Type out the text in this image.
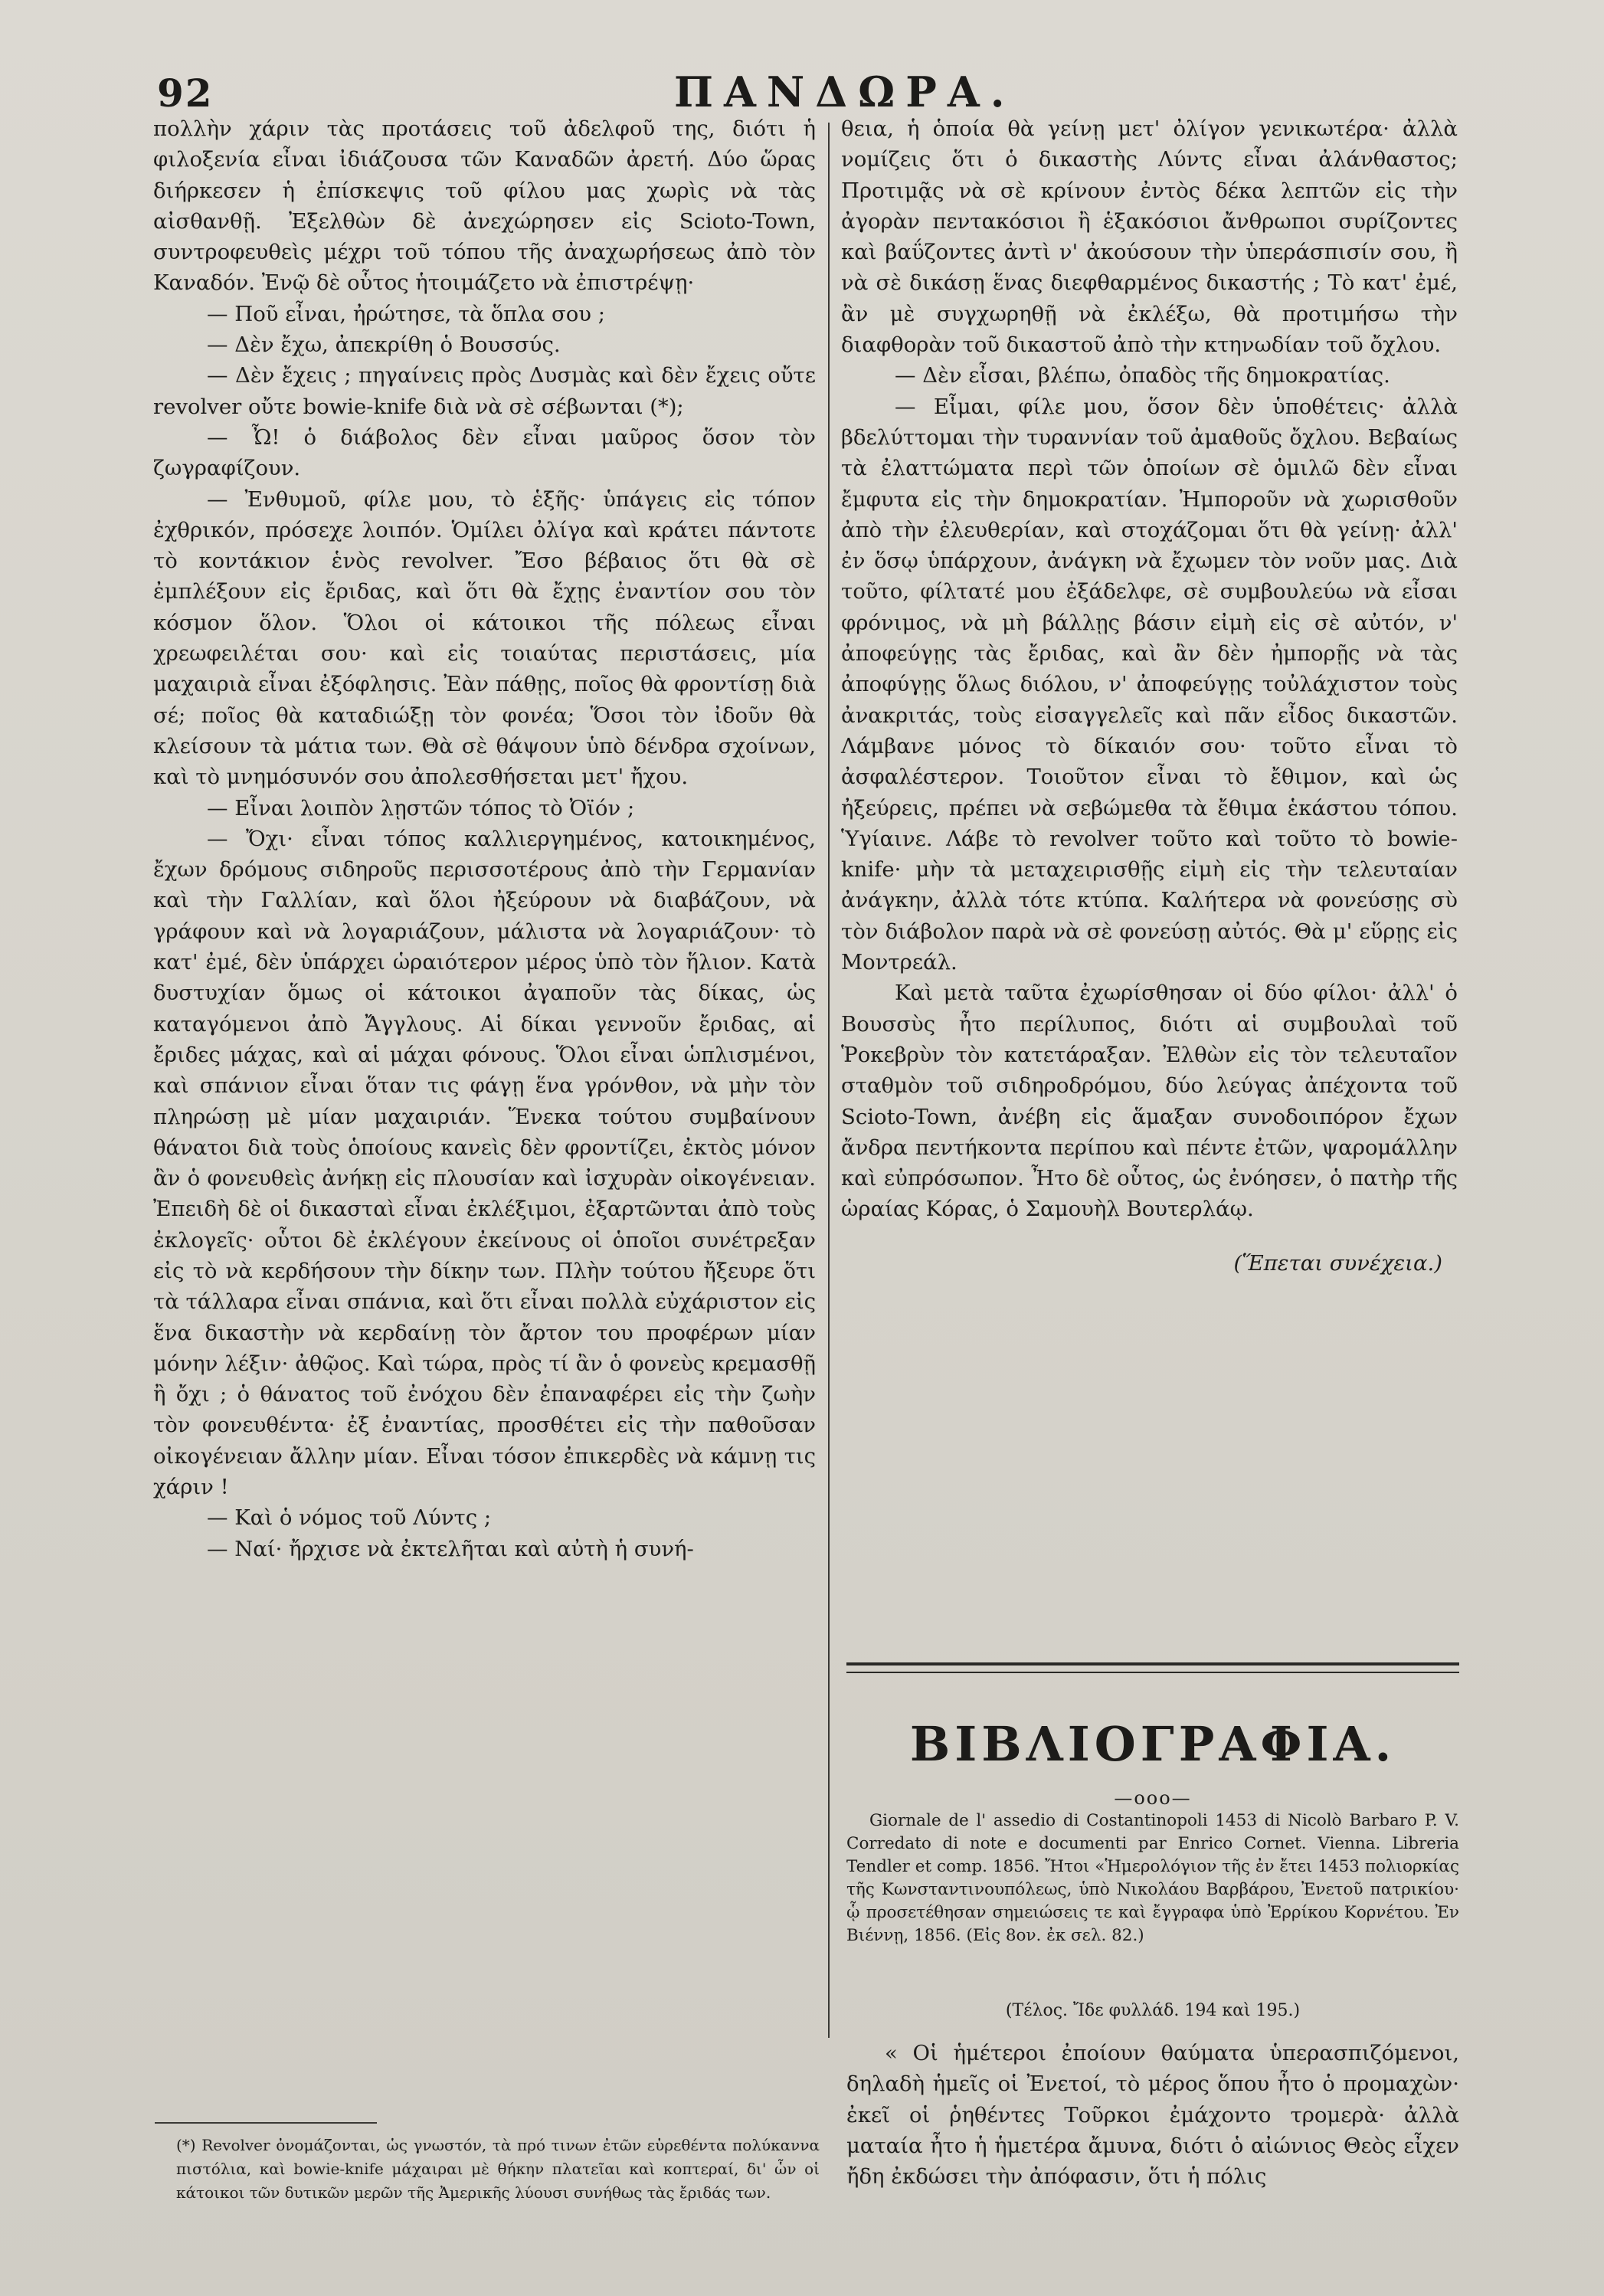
92	ΠΑΝΔΩΡΑ.

πολλὴν χάριν τὰς προτάσεις τοῦ ἀδελφοῦ της, διότι ἡ φιλοξενία εἶναι ἰδιάζουσα τῶν Καναδῶν ἀρετή. Δύο ὥρας διήρκεσεν ἡ ἐπίσκεψις τοῦ φίλου μας χωρὶς νὰ τὰς αἰσθανθῇ. Ἐξελθὼν δὲ ἀνεχώρησεν εἰς Scioto-Town, συντροφευθεὶς μέχρι τοῦ τόπου τῆς ἀναχωρήσεως ἀπὸ τὸν Καναδόν. Ἐνῷ δὲ οὗτος ἡτοιμάζετο νὰ ἐπιστρέψῃ·

— Ποῦ εἶναι, ἠρώτησε, τὰ ὅπλα σου ;

— Δὲν ἔχω, ἀπεκρίθη ὁ Βουσσύς.

— Δὲν ἔχεις ; πηγαίνεις πρὸς Δυσμὰς καὶ δὲν ἔχεις οὔτε revolver οὔτε bowie-knife διὰ νὰ σὲ σέβωνται (*);

— Ὦ! ὁ διάβολος δὲν εἶναι μαῦρος ὅσον τὸν ζωγραφίζουν.

— Ἐνθυμοῦ, φίλε μου, τὸ ἑξῆς· ὑπάγεις εἰς τόπον ἐχθρικόν, πρόσεχε λοιπόν. Ὁμίλει ὀλίγα καὶ κράτει πάντοτε τὸ κοντάκιον ἑνὸς revolver. Ἔσο βέβαιος ὅτι θὰ σὲ ἐμπλέξουν εἰς ἔριδας, καὶ ὅτι θὰ ἔχῃς ἐναντίον σου τὸν κόσμον ὅλον. Ὅλοι οἱ κάτοικοι τῆς πόλεως εἶναι χρεωφειλέται σου· καὶ εἰς τοιαύτας περιστάσεις, μία μαχαιριὰ εἶναι ἐξόφλησις. Ἐὰν πάθῃς, ποῖος θὰ φροντίσῃ διὰ σέ; ποῖος θὰ καταδιώξῃ τὸν φονέα; Ὅσοι τὸν ἰδοῦν θὰ κλείσουν τὰ μάτια των. Θὰ σὲ θάψουν ὑπὸ δένδρα σχοίνων, καὶ τὸ μνημόσυνόν σου ἀπολεσθήσεται μετ' ἤχου.

— Εἶναι λοιπὸν λῃστῶν τόπος τὸ Ὀϊόν ;

— Ὄχι· εἶναι τόπος καλλιεργημένος, κατοικημένος, ἔχων δρόμους σιδηροῦς περισσοτέρους ἀπὸ τὴν Γερμανίαν καὶ τὴν Γαλλίαν, καὶ ὅλοι ἠξεύρουν νὰ διαβάζουν, νὰ γράφουν καὶ νὰ λογαριάζουν, μάλιστα νὰ λογαριάζουν· τὸ κατ' ἐμέ, δὲν ὑπάρχει ὡραιότερον μέρος ὑπὸ τὸν ἥλιον. Κατὰ δυστυχίαν ὅμως οἱ κάτοικοι ἀγαποῦν τὰς δίκας, ὡς καταγόμενοι ἀπὸ Ἄγγλους. Αἱ δίκαι γεννοῦν ἔριδας, αἱ ἔριδες μάχας, καὶ αἱ μάχαι φόνους. Ὅλοι εἶναι ὡπλισμένοι, καὶ σπάνιον εἶναι ὅταν τις φάγῃ ἕνα γρόνθον, νὰ μὴν τὸν πληρώσῃ μὲ μίαν μαχαιριάν. Ἕνεκα τούτου συμβαίνουν θάνατοι διὰ τοὺς ὁποίους κανεὶς δὲν φροντίζει, ἐκτὸς μόνον ἂν ὁ φονευθεὶς ἀνήκῃ εἰς πλουσίαν καὶ ἰσχυρὰν οἰκογένειαν. Ἐπειδὴ δὲ οἱ δικασταὶ εἶναι ἐκλέξιμοι, ἐξαρτῶνται ἀπὸ τοὺς ἐκλογεῖς· οὗτοι δὲ ἐκλέγουν ἐκείνους οἱ ὁποῖοι συνέτρεξαν εἰς τὸ νὰ κερδήσουν τὴν δίκην των. Πλὴν τούτου ἤξευρε ὅτι τὰ τάλλαρα εἶναι σπάνια, καὶ ὅτι εἶναι πολλὰ εὐχάριστον εἰς ἕνα δικαστὴν νὰ κερδαίνῃ τὸν ἄρτον του προφέρων μίαν μόνην λέξιν· ἀθῷος. Καὶ τώρα, πρὸς τί ἂν ὁ φονεὺς κρεμασθῇ ἢ ὄχι ; ὁ θάνατος τοῦ ἐνόχου δὲν ἐπαναφέρει εἰς τὴν ζωὴν τὸν φονευθέντα· ἐξ ἐναντίας, προσθέτει εἰς τὴν παθοῦσαν οἰκογένειαν ἄλλην μίαν. Εἶναι τόσον ἐπικερδὲς νὰ κάμνῃ τις χάριν !

— Καὶ ὁ νόμος τοῦ Λύντς ;

— Ναί· ἤρχισε νὰ ἐκτελῆται καὶ αὐτὴ ἡ συνή-

θεια, ἡ ὁποία θὰ γείνῃ μετ' ὀλίγον γενικωτέρα· ἀλλὰ νομίζεις ὅτι ὁ δικαστὴς Λύντς εἶναι ἀλάνθαστος; Προτιμᾷς νὰ σὲ κρίνουν ἐντὸς δέκα λεπτῶν εἰς τὴν ἀγορὰν πεντακόσιοι ἢ ἑξακόσιοι ἄνθρωποι συρίζοντες καὶ βαΰζοντες ἀντὶ ν' ἀκούσουν τὴν ὑπεράσπισίν σου, ἢ νὰ σὲ δικάσῃ ἕνας διεφθαρμένος δικαστής ; Τὸ κατ' ἐμέ, ἂν μὲ συγχωρηθῇ νὰ ἐκλέξω, θὰ προτιμήσω τὴν διαφθορὰν τοῦ δικαστοῦ ἀπὸ τὴν κτηνωδίαν τοῦ ὄχλου.

— Δὲν εἶσαι, βλέπω, ὀπαδὸς τῆς δημοκρατίας.

— Εἶμαι, φίλε μου, ὅσον δὲν ὑποθέτεις· ἀλλὰ βδελύττομαι τὴν τυραννίαν τοῦ ἀμαθοῦς ὄχλου. Βεβαίως τὰ ἐλαττώματα περὶ τῶν ὁποίων σὲ ὁμιλῶ δὲν εἶναι ἔμφυτα εἰς τὴν δημοκρατίαν. Ἠμποροῦν νὰ χωρισθοῦν ἀπὸ τὴν ἐλευθερίαν, καὶ στοχάζομαι ὅτι θὰ γείνῃ· ἀλλ' ἐν ὅσῳ ὑπάρχουν, ἀνάγκη νὰ ἔχωμεν τὸν νοῦν μας. Διὰ τοῦτο, φίλτατέ μου ἐξάδελφε, σὲ συμβουλεύω νὰ εἶσαι φρόνιμος, νὰ μὴ βάλλῃς βάσιν εἰμὴ εἰς σὲ αὐτόν, ν' ἀποφεύγῃς τὰς ἔριδας, καὶ ἂν δὲν ἠμπορῇς νὰ τὰς ἀποφύγῃς ὅλως διόλου, ν' ἀποφεύγῃς τοὐλάχιστον τοὺς ἀνακριτάς, τοὺς εἰσαγγελεῖς καὶ πᾶν εἶδος δικαστῶν. Λάμβανε μόνος τὸ δίκαιόν σου· τοῦτο εἶναι τὸ ἀσφαλέστερον. Τοιοῦτον εἶναι τὸ ἔθιμον, καὶ ὡς ἠξεύρεις, πρέπει νὰ σεβώμεθα τὰ ἔθιμα ἑκάστου τόπου. Ὑγίαινε. Λάβε τὸ revolver τοῦτο καὶ τοῦτο τὸ bowie-knife· μὴν τὰ μεταχειρισθῇς εἰμὴ εἰς τὴν τελευταίαν ἀνάγκην, ἀλλὰ τότε κτύπα. Καλήτερα νὰ φονεύσῃς σὺ τὸν διάβολον παρὰ νὰ σὲ φονεύσῃ αὐτός. Θὰ μ' εὕρῃς εἰς Μοντρεάλ.

Καὶ μετὰ ταῦτα ἐχωρίσθησαν οἱ δύο φίλοι· ἀλλ' ὁ Βουσσὺς ἦτο περίλυπος, διότι αἱ συμβουλαὶ τοῦ Ῥοκεβρὺν τὸν κατετάραξαν. Ἐλθὼν εἰς τὸν τελευταῖον σταθμὸν τοῦ σιδηροδρόμου, δύο λεύγας ἀπέχοντα τοῦ Scioto-Town, ἀνέβη εἰς ἅμαξαν συνοδοιπόρον ἔχων ἄνδρα πεντήκοντα περίπου καὶ πέντε ἐτῶν, ψαρομάλλην καὶ εὐπρόσωπον. Ἦτο δὲ οὗτος, ὡς ἐνόησεν, ὁ πατὴρ τῆς ὡραίας Κόρας, ὁ Σαμουὴλ Βουτερλάῳ.

(Ἕπεται συνέχεια.)
(*) Revolver ὀνομάζονται, ὡς γνωστόν, τὰ πρό τινων ἐτῶν εὑρεθέντα πολύκαννα πιστόλια, καὶ bowie-knife μάχαιραι μὲ θήκην πλατεῖαι καὶ κοπτεραί, δι' ὧν οἱ κάτοικοι τῶν δυτικῶν μερῶν τῆς Ἀμερικῆς λύουσι συνήθως τὰς ἔριδάς των.
ΒΙΒΛΙΟΓΡΑΦΙΑ.
—ooo—
Giornale de l' assedio di Costantinopoli 1453 di Nicolò Barbaro P. V. Corredato di note e documenti par Enrico Cornet. Vienna. Libreria Tendler et comp. 1856. Ἤτοι «Ἡμερολόγιον τῆς ἐν ἔτει 1453 πολιορκίας τῆς Κωνσταντινουπόλεως, ὑπὸ Νικολάου Βαρβάρου, Ἐνετοῦ πατρικίου· ᾧ προσετέθησαν σημειώσεις τε καὶ ἔγγραφα ὑπὸ Ἐρρίκου Κορνέτου. Ἐν Βιέννῃ, 1856. (Εἰς 8ον. ἐκ σελ. 82.)
(Τέλος. Ἴδε φυλλάδ. 194 καὶ 195.)
« Οἱ ἡμέτεροι ἐποίουν θαύματα ὑπερασπιζόμενοι, δηλαδὴ ἡμεῖς οἱ Ἐνετοί, τὸ μέρος ὅπου ἦτο ὁ προμαχὼν· ἐκεῖ οἱ ῥηθέντες Τοῦρκοι ἐμάχοντο τρομερὰ· ἀλλὰ ματαία ἦτο ἡ ἡμετέρα ἄμυνα, διότι ὁ αἰώνιος Θεὸς εἶχεν ἤδη ἐκδώσει τὴν ἀπόφασιν, ὅτι ἡ πόλις
